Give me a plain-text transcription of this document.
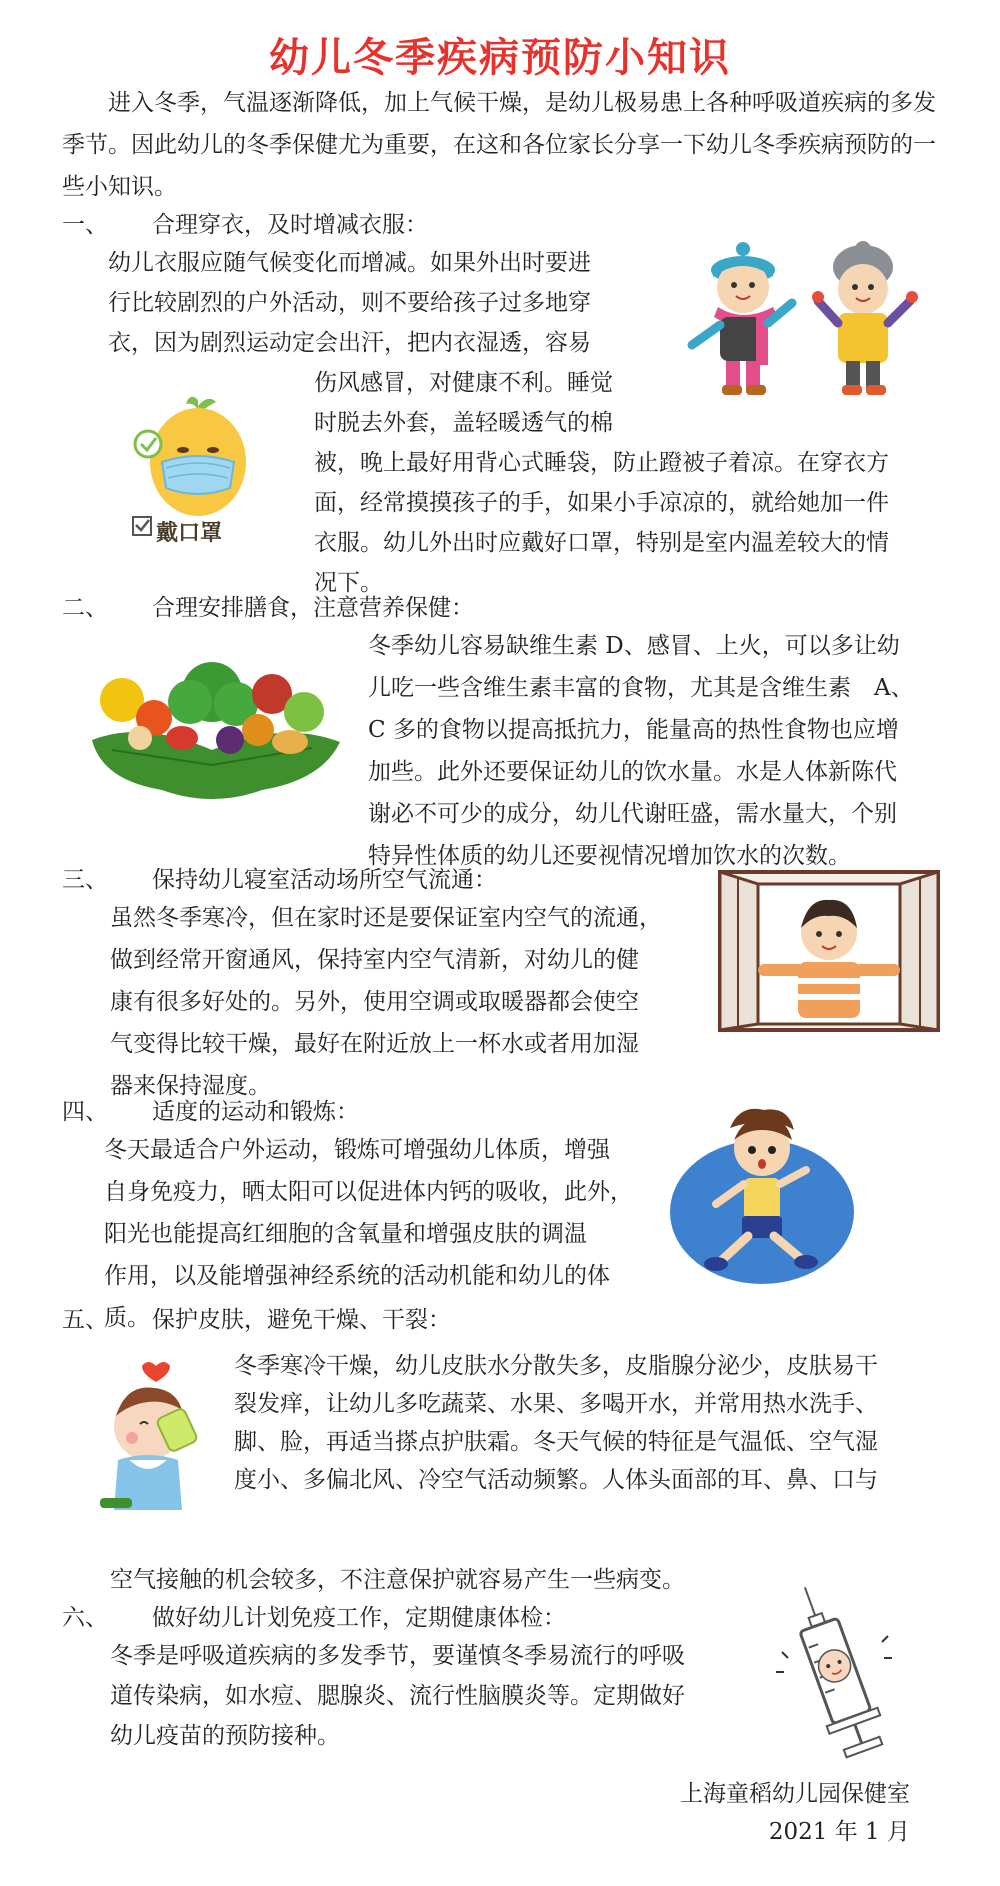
幼儿冬季疾病预防小知识

进入冬季，气温逐渐降低，加上气候干燥，是幼儿极易患上各种呼吸道疾病的多发季节。因此幼儿的冬季保健尤为重要，在这和各位家长分享一下幼儿冬季疾病预防的一些小知识。

一、 合理穿衣，及时增减衣服：
幼儿衣服应随气候变化而增减。如果外出时要进
行比较剧烈的户外活动，则不要给孩子过多地穿
衣，因为剧烈运动定会出汗，把内衣湿透，容易
伤风感冒，对健康不利。睡觉
时脱去外套，盖轻暖透气的棉
被，晚上最好用背心式睡袋，防止蹬被子着凉。在穿衣方
面，经常摸摸孩子的手，如果小手凉凉的，就给她加一件
衣服。幼儿外出时应戴好口罩，特别是室内温差较大的情
况下。
戴口罩
二、 合理安排膳食，注意营养保健：
冬季幼儿容易缺维生素 D、感冒、上火，可以多让幼
儿吃一些含维生素丰富的食物，尤其是含维生素　A、
C 多的食物以提高抵抗力，能量高的热性食物也应增
加些。此外还要保证幼儿的饮水量。水是人体新陈代
谢必不可少的成分，幼儿代谢旺盛，需水量大，个别
特异性体质的幼儿还要视情况增加饮水的次数。
三、 保持幼儿寝室活动场所空气流通：
虽然冬季寒冷，但在家时还是要保证室内空气的流通，
做到经常开窗通风，保持室内空气清新，对幼儿的健
康有很多好处的。另外，使用空调或取暖器都会使空
气变得比较干燥，最好在附近放上一杯水或者用加湿
器来保持湿度。
四、 适度的运动和锻炼：
冬天最适合户外运动，锻炼可增强幼儿体质，增强
自身免疫力，晒太阳可以促进体内钙的吸收，此外，
阳光也能提高红细胞的含氧量和增强皮肤的调温
作用，以及能增强神经系统的活动机能和幼儿的体
质。
五、 保护皮肤，避免干燥、干裂：
冬季寒冷干燥，幼儿皮肤水分散失多，皮脂腺分泌少，皮肤易干
裂发痒，让幼儿多吃蔬菜、水果、多喝开水，并常用热水洗手、
脚、脸，再适当搽点护肤霜。冬天气候的特征是气温低、空气湿
度小、多偏北风、冷空气活动频繁。人体头面部的耳、鼻、口与
空气接触的机会较多，不注意保护就容易产生一些病变。
六、 做好幼儿计划免疫工作，定期健康体检：
冬季是呼吸道疾病的多发季节，要谨慎冬季易流行的呼吸
道传染病，如水痘、腮腺炎、流行性脑膜炎等。定期做好
幼儿疫苗的预防接种。
上海童稻幼儿园保健室
2021 年 1 月
